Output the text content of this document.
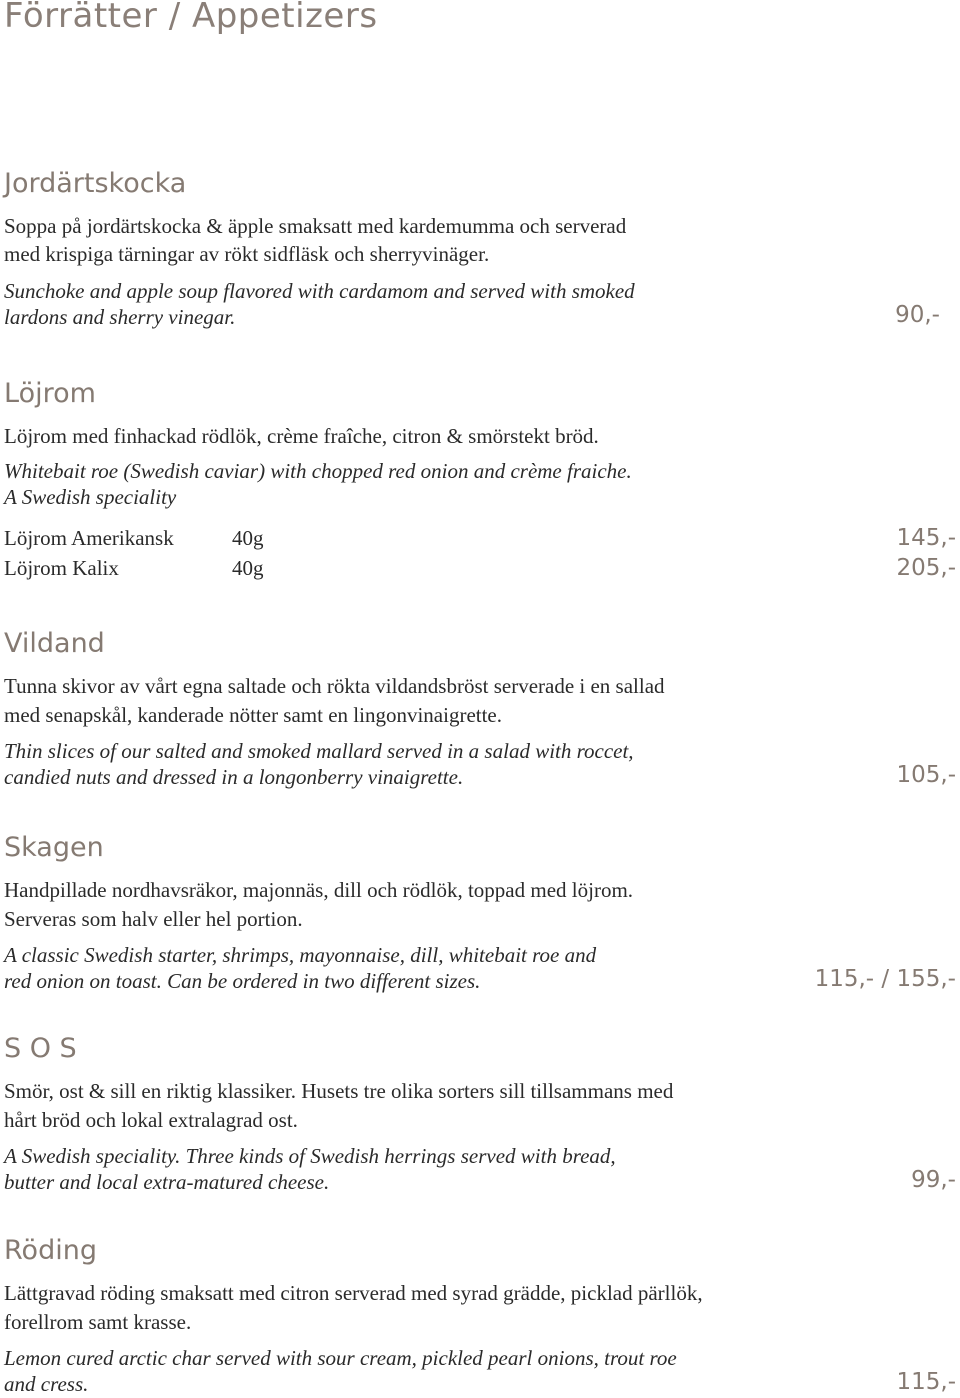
Förrätter / Appetizers
Jordärtskocka
Soppa på jordärtskocka & äpple smaksatt med kardemumma och serverad
med krispiga tärningar av rökt sidfläsk och sherryvinäger.
Sunchoke and apple soup flavored with cardamom and served with smoked
lardons and sherry vinegar.	90,-
Löjrom
Löjrom med finhackad rödlök, crème fraîche, citron & smörstekt bröd.
Whitebait roe (Swedish caviar) with chopped red onion and crème fraiche.
A Swedish speciality
Löjrom Amerikansk	40g	145,-
Löjrom Kalix	40g	205,-
Vildand
Tunna skivor av vårt egna saltade och rökta vildandsbröst serverade i en sallad
med senapskål, kanderade nötter samt en lingonvinaigrette.
Thin slices of our salted and smoked mallard served in a salad with roccet,
candied nuts and dressed in a longonberry vinaigrette.	105,-
Skagen
Handpillade nordhavsräkor, majonnäs, dill och rödlök, toppad med löjrom.
Serveras som halv eller hel portion.
A classic Swedish starter, shrimps, mayonnaise, dill, whitebait roe and
red onion on toast. Can be ordered in two different sizes.	115,- / 155,-
S O S
Smör, ost & sill en riktig klassiker. Husets tre olika sorters sill tillsammans med
hårt bröd och lokal extralagrad ost.
A Swedish speciality. Three kinds of Swedish herrings served with bread,
butter and local extra-matured cheese.	99,-
Röding
Lättgravad röding smaksatt med citron serverad med syrad grädde, picklad pärllök,
forellrom samt krasse.
Lemon cured arctic char served with sour cream, pickled pearl onions, trout roe
and cress.	115,-
